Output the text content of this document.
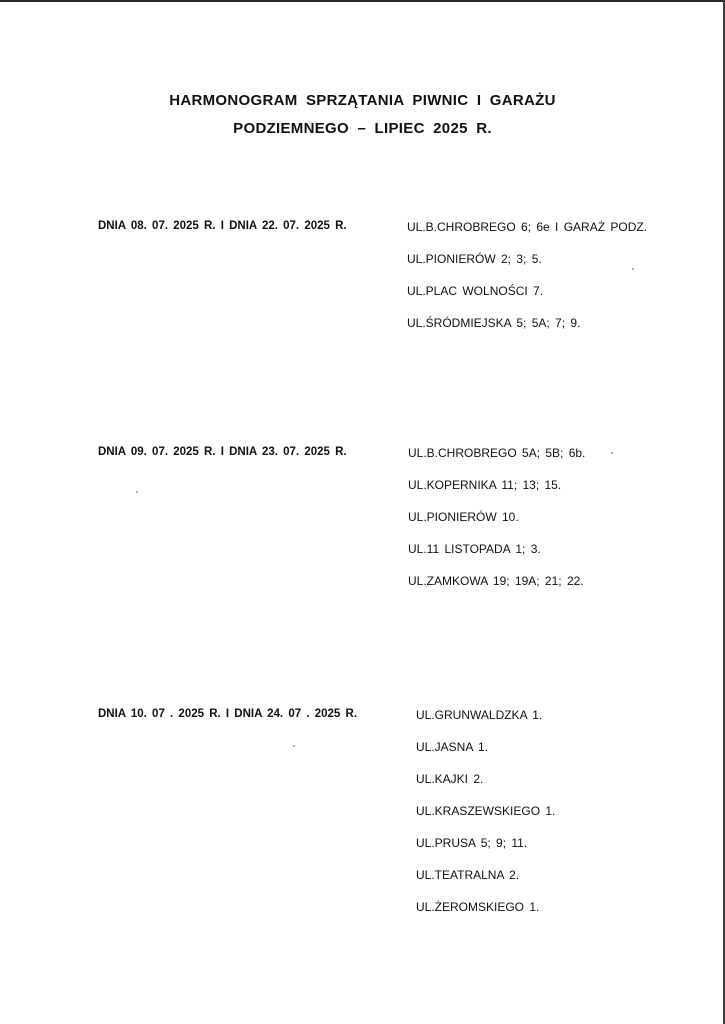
HARMONOGRAM SPRZĄTANIA PIWNIC I GARAŻU
PODZIEMNEGO – LIPIEC 2025 R.
DNIA 08. 07. 2025 R. I DNIA 22. 07. 2025 R.	UL.B.CHROBREGO 6; 6e I GARAŻ PODZ.
UL.PIONIERÓW 2; 3; 5.
UL.PLAC WOLNOŚCI 7.
UL.ŚRÓDMIEJSKA 5; 5A; 7; 9.
DNIA 09. 07. 2025 R. I DNIA 23. 07. 2025 R.	UL.B.CHROBREGO 5A; 5B; 6b.
UL.KOPERNIKA 11; 13; 15.
UL.PIONIERÓW 10.
UL.11 LISTOPADA 1; 3.
UL.ZAMKOWA 19; 19A; 21; 22.
DNIA 10. 07 . 2025 R. I DNIA 24. 07 . 2025 R.	UL.GRUNWALDZKA 1.
UL.JASNA 1.
UL.KAJKI 2.
UL.KRASZEWSKIEGO 1.
UL.PRUSA 5; 9; 11.
UL.TEATRALNA 2.
UL.ŻEROMSKIEGO 1.
